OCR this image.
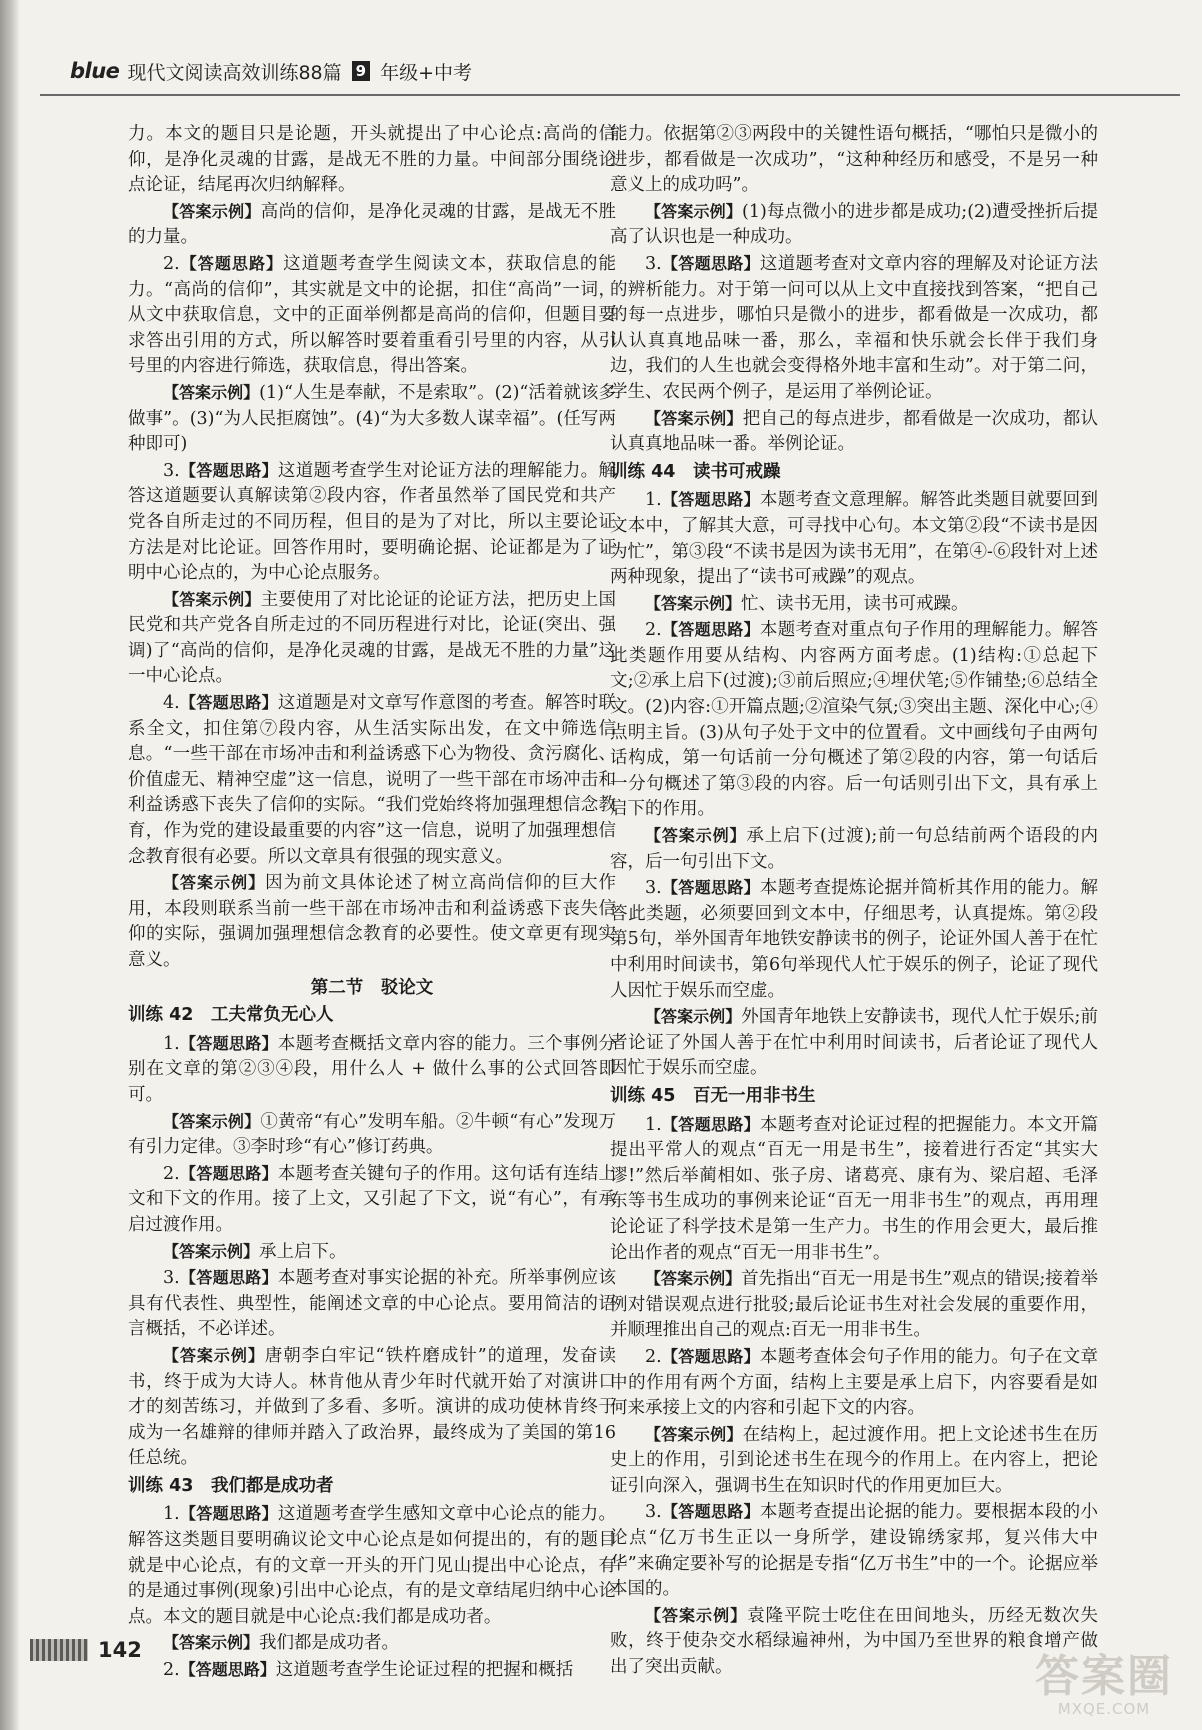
blue 现代文阅读高效训练88篇 9 年级+中考

力。本文的题目只是论题，开头就提出了中心论点:高尚的信仰，是净化灵魂的甘露，是战无不胜的力量。中间部分围绕论点论证，结尾再次归纳解释。

【答案示例】高尚的信仰，是净化灵魂的甘露，是战无不胜的力量。

2.【答题思路】这道题考查学生阅读文本，获取信息的能力。“高尚的信仰”，其实就是文中的论据，扣住“高尚”一词，从文中获取信息，文中的正面举例都是高尚的信仰，但题目要求答出引用的方式，所以解答时要着重看引号里的内容，从引号里的内容进行筛选，获取信息，得出答案。

【答案示例】(1)“人生是奉献，不是索取”。(2)“活着就该多做事”。(3)“为人民拒腐蚀”。(4)“为大多数人谋幸福”。(任写两种即可)

3.【答题思路】这道题考查学生对论证方法的理解能力。解答这道题要认真解读第②段内容，作者虽然举了国民党和共产党各自所走过的不同历程，但目的是为了对比，所以主要论证方法是对比论证。回答作用时，要明确论据、论证都是为了证明中心论点的，为中心论点服务。

【答案示例】主要使用了对比论证的论证方法，把历史上国民党和共产党各自所走过的不同历程进行对比，论证(突出、强调)了“高尚的信仰，是净化灵魂的甘露，是战无不胜的力量”这一中心论点。

4.【答题思路】这道题是对文章写作意图的考查。解答时联系全文，扣住第⑦段内容，从生活实际出发，在文中筛选信息。“一些干部在市场冲击和利益诱惑下心为物役、贪污腐化、价值虚无、精神空虚”这一信息，说明了一些干部在市场冲击和利益诱惑下丧失了信仰的实际。“我们党始终将加强理想信念教育，作为党的建设最重要的内容”这一信息，说明了加强理想信念教育很有必要。所以文章具有很强的现实意义。

【答案示例】因为前文具体论述了树立高尚信仰的巨大作用，本段则联系当前一些干部在市场冲击和利益诱惑下丧失信仰的实际，强调加强理想信念教育的必要性。使文章更有现实意义。

第二节　驳论文
训练 42　工夫常负无心人

1.【答题思路】本题考查概括文章内容的能力。三个事例分别在文章的第②③④段，用什么人 + 做什么事的公式回答即可。

【答案示例】①黄帝“有心”发明车船。②牛顿“有心”发现万有引力定律。③李时珍“有心”修订药典。

2.【答题思路】本题考查关键句子的作用。这句话有连结上文和下文的作用。接了上文，又引起了下文，说“有心”，有承启过渡作用。

【答案示例】承上启下。

3.【答题思路】本题考查对事实论据的补充。所举事例应该具有代表性、典型性，能阐述文章的中心论点。要用简洁的语言概括，不必详述。

【答案示例】唐朝李白牢记“铁杵磨成针”的道理，发奋读书，终于成为大诗人。林肯他从青少年时代就开始了对演讲口才的刻苦练习，并做到了多看、多听。演讲的成功使林肯终于成为一名雄辩的律师并踏入了政治界，最终成为了美国的第16任总统。

训练 43　我们都是成功者

1.【答题思路】这道题考查学生感知文章中心论点的能力。解答这类题目要明确议论文中心论点是如何提出的，有的题目就是中心论点，有的文章一开头的开门见山提出中心论点，有的是通过事例(现象)引出中心论点，有的是文章结尾归纳中心论点。本文的题目就是中心论点:我们都是成功者。

【答案示例】我们都是成功者。

2.【答题思路】这道题考查学生论证过程的把握和概括

能力。依据第②③两段中的关键性语句概括，“哪怕只是微小的进步，都看做是一次成功”，“这种种经历和感受，不是另一种意义上的成功吗”。

【答案示例】(1)每点微小的进步都是成功;(2)遭受挫折后提高了认识也是一种成功。

3.【答题思路】这道题考查对文章内容的理解及对论证方法的辨析能力。对于第一问可以从上文中直接找到答案，“把自己的每一点进步，哪怕只是微小的进步，都看做是一次成功，都认认真真地品味一番，那么，幸福和快乐就会长伴于我们身边，我们的人生也就会变得格外地丰富和生动”。对于第二问，学生、农民两个例子，是运用了举例论证。

【答案示例】把自己的每点进步，都看做是一次成功，都认认真真地品味一番。举例论证。

训练 44　读书可戒躁

1.【答题思路】本题考查文意理解。解答此类题目就要回到文本中，了解其大意，可寻找中心句。本文第②段“不读书是因为忙”，第③段“不读书是因为读书无用”，在第④-⑥段针对上述两种现象，提出了“读书可戒躁”的观点。

【答案示例】忙、读书无用，读书可戒躁。

2.【答题思路】本题考查对重点句子作用的理解能力。解答此类题作用要从结构、内容两方面考虑。(1)结构:①总起下文;②承上启下(过渡);③前后照应;④埋伏笔;⑤作铺垫;⑥总结全文。(2)内容:①开篇点题;②渲染气氛;③突出主题、深化中心;④点明主旨。(3)从句子处于文中的位置看。文中画线句子由两句话构成，第一句话前一分句概述了第②段的内容，第一句话后一分句概述了第③段的内容。后一句话则引出下文，具有承上启下的作用。

【答案示例】承上启下(过渡);前一句总结前两个语段的内容，后一句引出下文。

3.【答题思路】本题考查提炼论据并简析其作用的能力。解答此类题，必须要回到文本中，仔细思考，认真提炼。第②段第5句，举外国青年地铁安静读书的例子，论证外国人善于在忙中利用时间读书，第6句举现代人忙于娱乐的例子，论证了现代人因忙于娱乐而空虚。

【答案示例】外国青年地铁上安静读书，现代人忙于娱乐;前者论证了外国人善于在忙中利用时间读书，后者论证了现代人因忙于娱乐而空虚。

训练 45　百无一用非书生

1.【答题思路】本题考查对论证过程的把握能力。本文开篇提出平常人的观点“百无一用是书生”，接着进行否定“其实大谬!”然后举蔺相如、张子房、诸葛亮、康有为、梁启超、毛泽东等书生成功的事例来论证“百无一用非书生”的观点，再用理论论证了科学技术是第一生产力。书生的作用会更大，最后推论出作者的观点“百无一用非书生”。

【答案示例】首先指出“百无一用是书生”观点的错误;接着举例对错误观点进行批驳;最后论证书生对社会发展的重要作用，并顺理推出自己的观点:百无一用非书生。

2.【答题思路】本题考查体会句子作用的能力。句子在文章中的作用有两个方面，结构上主要是承上启下，内容要看是如何来承接上文的内容和引起下文的内容。

【答案示例】在结构上，起过渡作用。把上文论述书生在历史上的作用，引到论述书生在现今的作用上。在内容上，把论证引向深入，强调书生在知识时代的作用更加巨大。

3.【答题思路】本题考查提出论据的能力。要根据本段的小论点“亿万书生正以一身所学，建设锦绣家邦，复兴伟大中华”来确定要补写的论据是专指“亿万书生”中的一个。论据应举本国的。

【答案示例】袁隆平院士吃住在田间地头，历经无数次失败，终于使杂交水稻绿遍神州，为中国乃至世界的粮食增产做出了突出贡献。

142
答案圈
MXQE.COM
